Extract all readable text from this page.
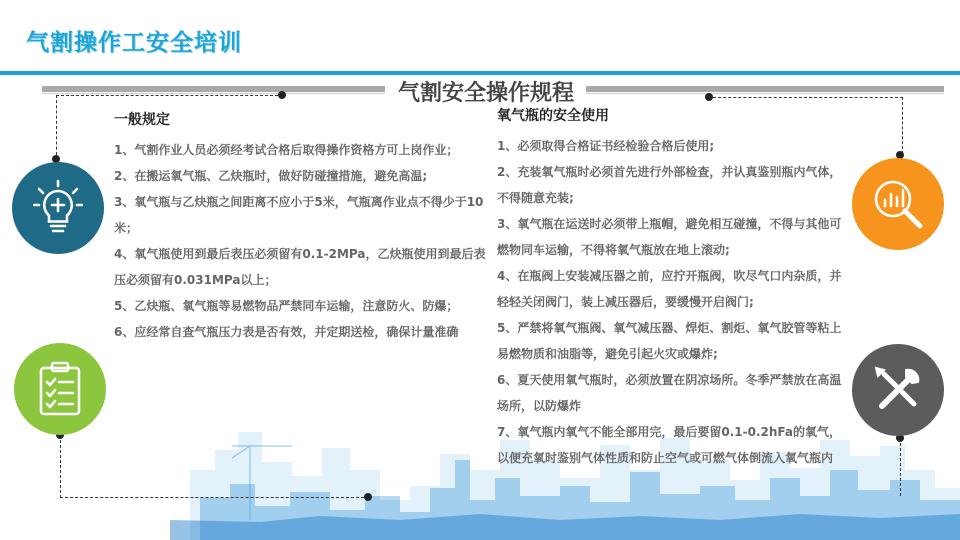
气割操作工安全培训
气割安全操作规程
一般规定
1、气割作业人员必须经考试合格后取得操作资格方可上岗作业；
2、在搬运氧气瓶、乙炔瓶时，做好防碰撞措施，避免高温;
3、氧气瓶与乙炔瓶之间距离不应小于5米，气瓶离作业点不得少于10米；
4、氧气瓶使用到最后表压必须留有0.1-2MPa，乙炔瓶使用到最后表压必须留有0.031MPa以上；
5、乙炔瓶、氧气瓶等易燃物品严禁同车运输，注意防火、防爆；
6、应经常自查气瓶压力表是否有效，并定期送检，确保计量准确
氧气瓶的安全使用
1、必须取得合格证书经检验合格后使用;
2、充装氧气瓶时必须首先进行外部检查，并认真鉴别瓶内气体，不得随意充装;
3、氧气瓶在运送时必须带上瓶帽，避免相互碰撞，不得与其他可燃物同车运输，不得将氧气瓶放在地上滚动;
4、在瓶阀上安装减压器之前，应拧开瓶阀，吹尽气口内杂质，并轻轻关闭阀门，装上减压器后，要缓慢开启阀门;
5、严禁将氧气瓶阀、氧气减压器、焊炬、割炬、氧气胶管等粘上易燃物质和油脂等，避免引起火灾或爆炸;
6、夏天使用氧气瓶时，必须放置在阴凉场所。冬季严禁放在高温场所，以防爆炸
7、氧气瓶内氧气不能全部用完，最后要留0.1-0.2hFa的氧气，以便充氧时鉴别气体性质和防止空气或可燃气体倒流入氧气瓶内
